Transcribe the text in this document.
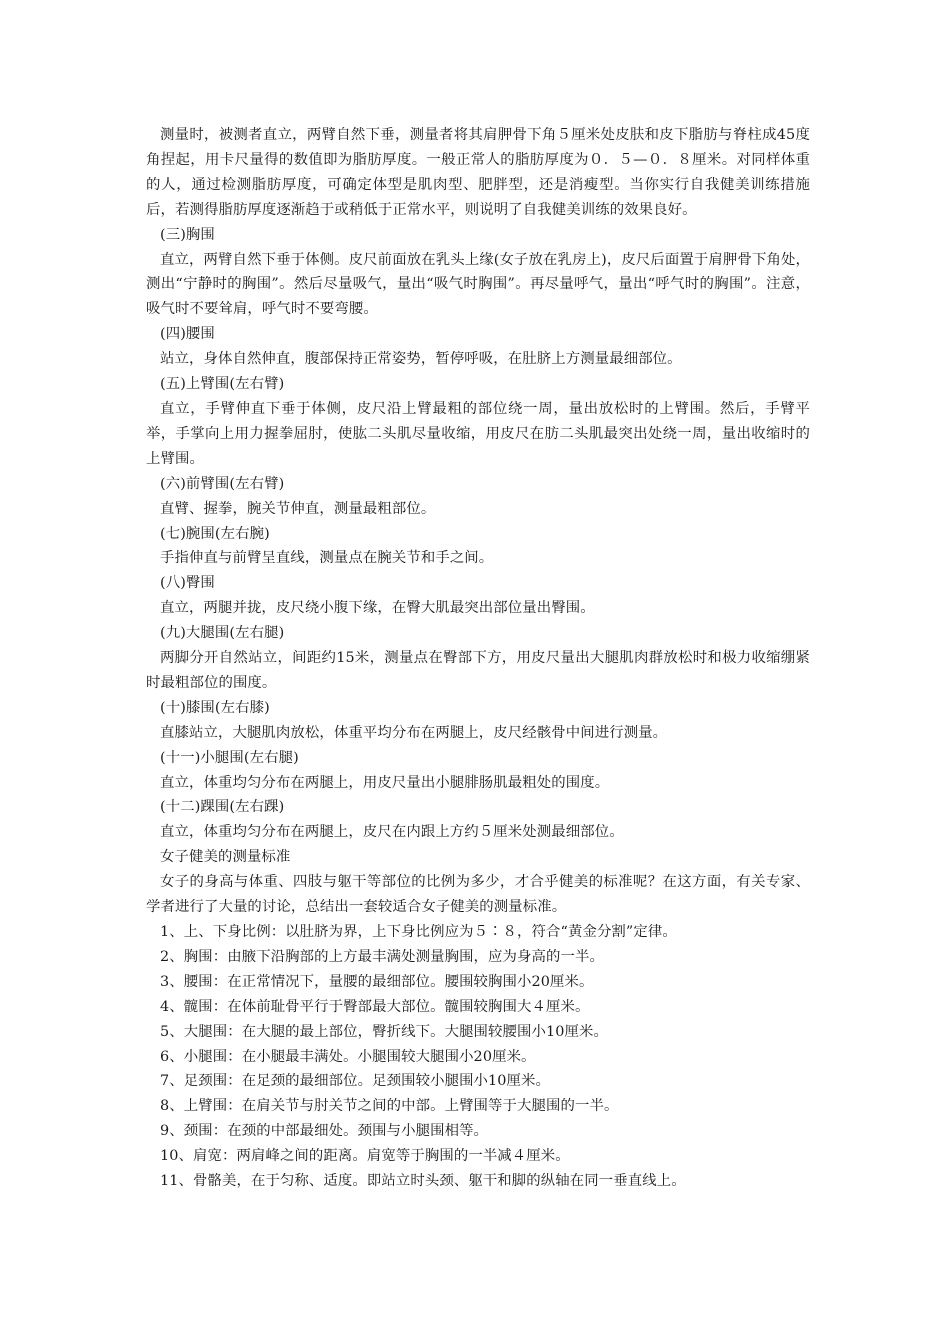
测量时，被测者直立，两臂自然下垂，测量者将其肩胛骨下角５厘米处皮肤和皮下脂肪与脊柱成45度角捏起，用卡尺量得的数值即为脂肪厚度。一般正常人的脂肪厚度为０．５—０．８厘米。对同样体重的人，通过检测脂肪厚度，可确定体型是肌肉型、肥胖型，还是消瘦型。当你实行自我健美训练措施后，若测得脂肪厚度逐渐趋于或稍低于正常水平，则说明了自我健美训练的效果良好。

(三)胸围

直立，两臂自然下垂于体侧。皮尺前面放在乳头上缘(女子放在乳房上)，皮尺后面置于肩胛骨下角处，测出“宁静时的胸围”。然后尽量吸气，量出“吸气时胸围”。再尽量呼气，量出“呼气时的胸围”。注意，吸气时不要耸肩，呼气时不要弯腰。

(四)腰围

站立，身体自然伸直，腹部保持正常姿势，暂停呼吸，在肚脐上方测量最细部位。

(五)上臂围(左右臂)

直立，手臂伸直下垂于体侧，皮尺沿上臂最粗的部位绕一周，量出放松时的上臂围。然后，手臂平举，手掌向上用力握拳屈肘，使肱二头肌尽量收缩，用皮尺在肪二头肌最突出处绕一周，量出收缩时的上臂围。

(六)前臂围(左右臂)

直臂、握拳，腕关节伸直，测量最粗部位。

(七)腕围(左右腕)

手指伸直与前臂呈直线，测量点在腕关节和手之间。

(八)臀围

直立，两腿并拢，皮尺绕小腹下缘，在臀大肌最突出部位量出臀围。

(九)大腿围(左右腿)

两脚分开自然站立，间距约15米，测量点在臀部下方，用皮尺量出大腿肌肉群放松时和极力收缩绷紧时最粗部位的围度。

(十)膝围(左右膝)

直膝站立，大腿肌肉放松，体重平均分布在两腿上，皮尺经骸骨中间进行测量。

(十一)小腿围(左右腿)

直立，体重均匀分布在两腿上，用皮尺量出小腿腓肠肌最粗处的围度。

(十二)踝围(左右踝)

直立，体重均匀分布在两腿上，皮尺在内跟上方约５厘米处测最细部位。

女子健美的测量标准

女子的身高与体重、四肢与躯干等部位的比例为多少，才合乎健美的标准呢？在这方面，有关专家、学者进行了大量的讨论，总结出一套较适合女子健美的测量标准。

1、上、下身比例：以肚脐为界，上下身比例应为５∶８，符合“黄金分割”定律。

2、胸围：由腋下沿胸部的上方最丰满处测量胸围，应为身高的一半。

3、腰围：在正常情况下，量腰的最细部位。腰围较胸围小20厘米。

4、髋围：在体前耻骨平行于臀部最大部位。髋围较胸围大４厘米。

5、大腿围：在大腿的最上部位，臀折线下。大腿围较腰围小10厘米。

6、小腿围：在小腿最丰满处。小腿围较大腿围小20厘米。

7、足颈围：在足颈的最细部位。足颈围较小腿围小10厘米。

8、上臂围：在肩关节与肘关节之间的中部。上臂围等于大腿围的一半。

9、颈围：在颈的中部最细处。颈围与小腿围相等。

10、肩宽：两肩峰之间的距离。肩宽等于胸围的一半减４厘米。

11、骨骼美，在于匀称、适度。即站立时头颈、躯干和脚的纵轴在同一垂直线上。
